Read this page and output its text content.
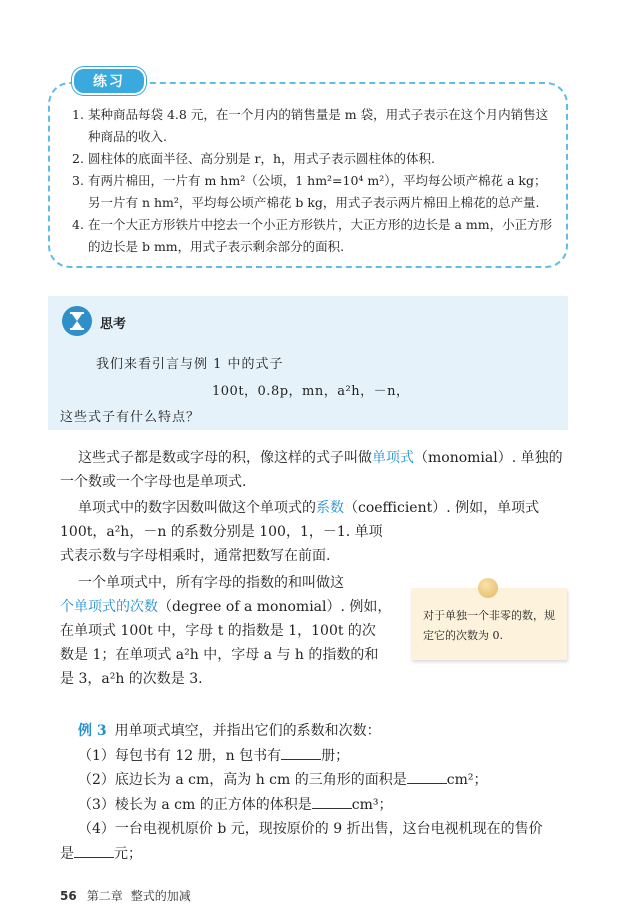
练习
1. 某种商品每袋 4.8 元，在一个月内的销售量是 m 袋，用式子表示在这个月内销售这种商品的收入.
2. 圆柱体的底面半径、高分别是 r，h，用式子表示圆柱体的体积.
3. 有两片棉田，一片有 m hm²（公顷，1 hm²=10⁴ m²），平均每公顷产棉花 a kg；另一片有 n hm²，平均每公顷产棉花 b kg，用式子表示两片棉田上棉花的总产量.
4. 在一个大正方形铁片中挖去一个小正方形铁片，大正方形的边长是 a mm，小正方形的边长是 b mm，用式子表示剩余部分的面积.
思考
我们来看引言与例 1 中的式子
100t，0.8p，mn，a²h，－n，
这些式子有什么特点？
这些式子都是数或字母的积，像这样的式子叫做单项式（monomial）. 单独的一个数或一个字母也是单项式.
单项式中的数字因数叫做这个单项式的系数（coefficient）. 例如，单项式
100t，a²h，－n 的系数分别是 100，1，－1. 单项
式表示数与字母相乘时，通常把数写在前面.
一个单项式中，所有字母的指数的和叫做这
个单项式的次数（degree of a monomial）. 例如，
在单项式 100t 中，字母 t 的指数是 1，100t 的次
数是 1；在单项式 a²h 中，字母 a 与 h 的指数的和
是 3，a²h 的次数是 3.
对于单独一个非零的数，规定它的次数为 0.
例 3 用单项式填空，并指出它们的系数和次数：
（1）每包书有 12 册，n 包书有	册；
（2）底边长为 a cm，高为 h cm 的三角形的面积是	cm²；
（3）棱长为 a cm 的正方体的体积是	cm³；
（4）一台电视机原价 b 元，现按原价的 9 折出售，这台电视机现在的售价
是	元；
56 第二章 整式的加减
